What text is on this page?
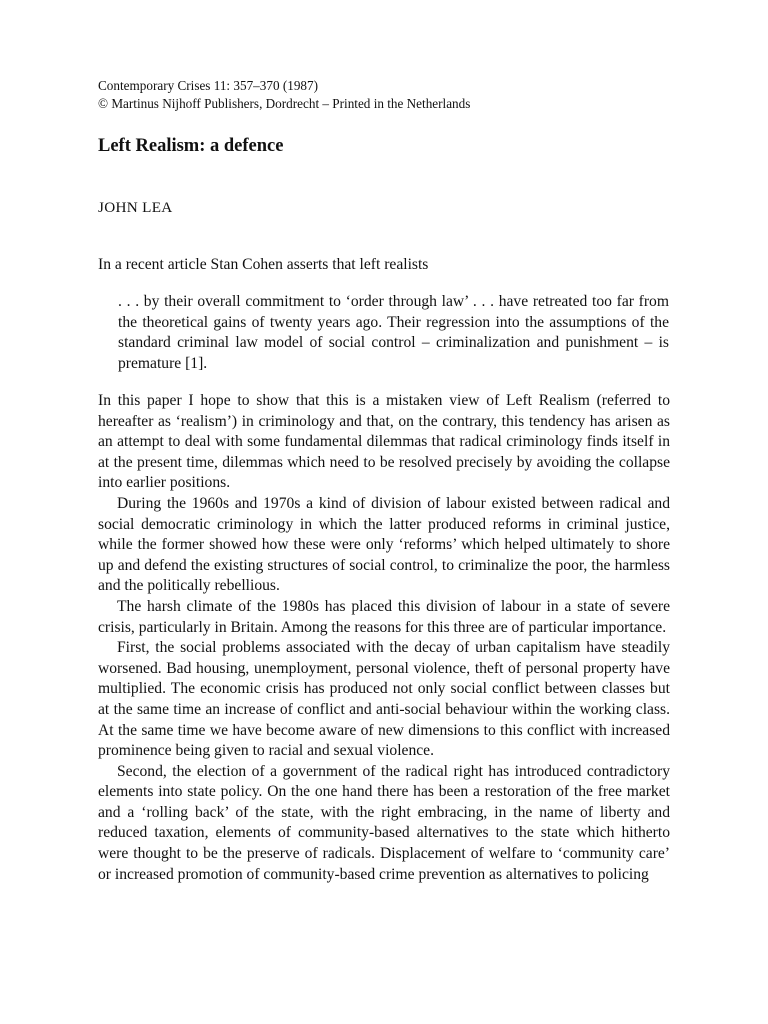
Contemporary Crises 11: 357–370 (1987)
© Martinus Nijhoff Publishers, Dordrecht – Printed in the Netherlands
Left Realism: a defence
JOHN LEA
In a recent article Stan Cohen asserts that left realists
. . . by their overall commitment to ‘order through law’ . . . have retreated too far from the theoretical gains of twenty years ago. Their regression into the assumptions of the standard criminal law model of social control – criminalization and punishment – is premature [1].

In this paper I hope to show that this is a mistaken view of Left Realism (referred to hereafter as ‘realism’) in criminology and that, on the contrary, this tendency has arisen as an attempt to deal with some fundamental dilemmas that radical criminology finds itself in at the present time, dilemmas which need to be resolved precisely by avoiding the collapse into earlier positions.

During the 1960s and 1970s a kind of division of labour existed between radical and social democratic criminology in which the latter produced reforms in criminal justice, while the former showed how these were only ‘reforms’ which helped ultimately to shore up and defend the existing structures of social control, to criminalize the poor, the harmless and the politically rebellious.

The harsh climate of the 1980s has placed this division of labour in a state of severe crisis, particularly in Britain. Among the reasons for this three are of particular importance.

First, the social problems associated with the decay of urban capitalism have steadily worsened. Bad housing, unemployment, personal violence, theft of personal property have multiplied. The economic crisis has produced not only social conflict between classes but at the same time an increase of conflict and anti-social behaviour within the working class. At the same time we have become aware of new dimensions to this conflict with increased prominence being given to racial and sexual violence.

Second, the election of a government of the radical right has introduced contradictory elements into state policy. On the one hand there has been a restoration of the free market and a ‘rolling back’ of the state, with the right embracing, in the name of liberty and reduced taxation, elements of community-based alternatives to the state which hitherto were thought to be the preserve of radicals. Displacement of welfare to ‘community care’ or increased promotion of community-based crime prevention as alternatives to policing
